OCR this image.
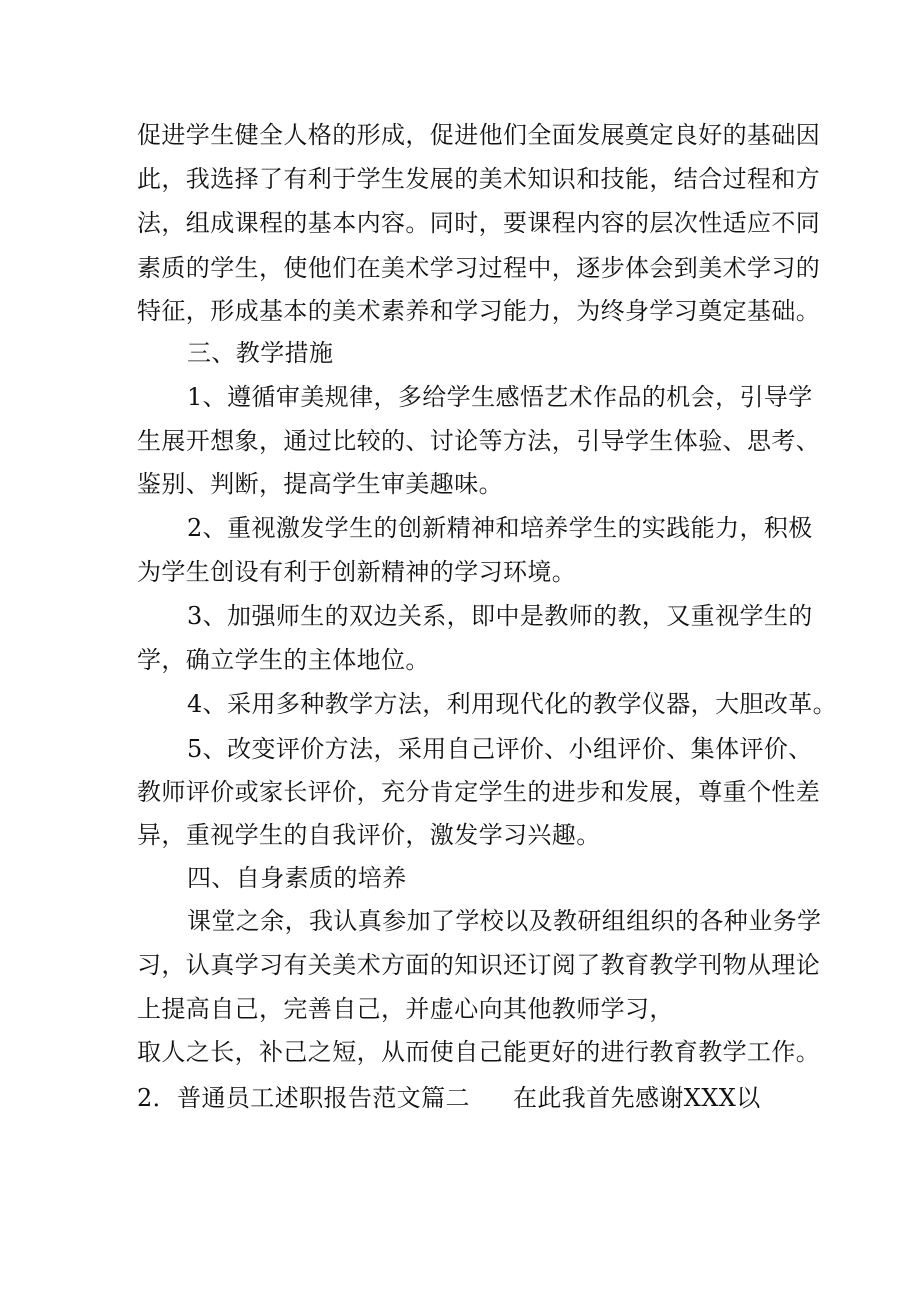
促进学生健全人格的形成，促进他们全面发展奠定良好的基础因
此，我选择了有利于学生发展的美术知识和技能，结合过程和方
法，组成课程的基本内容。同时，要课程内容的层次性适应不同
素质的学生，使他们在美术学习过程中，逐步体会到美术学习的
特征，形成基本的美术素养和学习能力，为终身学习奠定基础。
三、教学措施
1、遵循审美规律，多给学生感悟艺术作品的机会，引导学
生展开想象，通过比较的、讨论等方法，引导学生体验、思考、
鉴别、判断，提高学生审美趣味。
2、重视激发学生的创新精神和培养学生的实践能力，积极
为学生创设有利于创新精神的学习环境。
3、加强师生的双边关系，即中是教师的教，又重视学生的
学，确立学生的主体地位。
4、采用多种教学方法，利用现代化的教学仪器，大胆改革。
5、改变评价方法，采用自己评价、小组评价、集体评价、
教师评价或家长评价，充分肯定学生的进步和发展，尊重个性差
异，重视学生的自我评价，激发学习兴趣。
四、自身素质的培养
课堂之余，我认真参加了学校以及教研组组织的各种业务学
习，认真学习有关美术方面的知识还订阅了教育教学刊物从理论
上提高自己，完善自己，并虚心向其他教师学习，
取人之长，补己之短，从而使自己能更好的进行教育教学工作。
2．普通员工述职报告范文篇二 在此我首先感谢XXX以
